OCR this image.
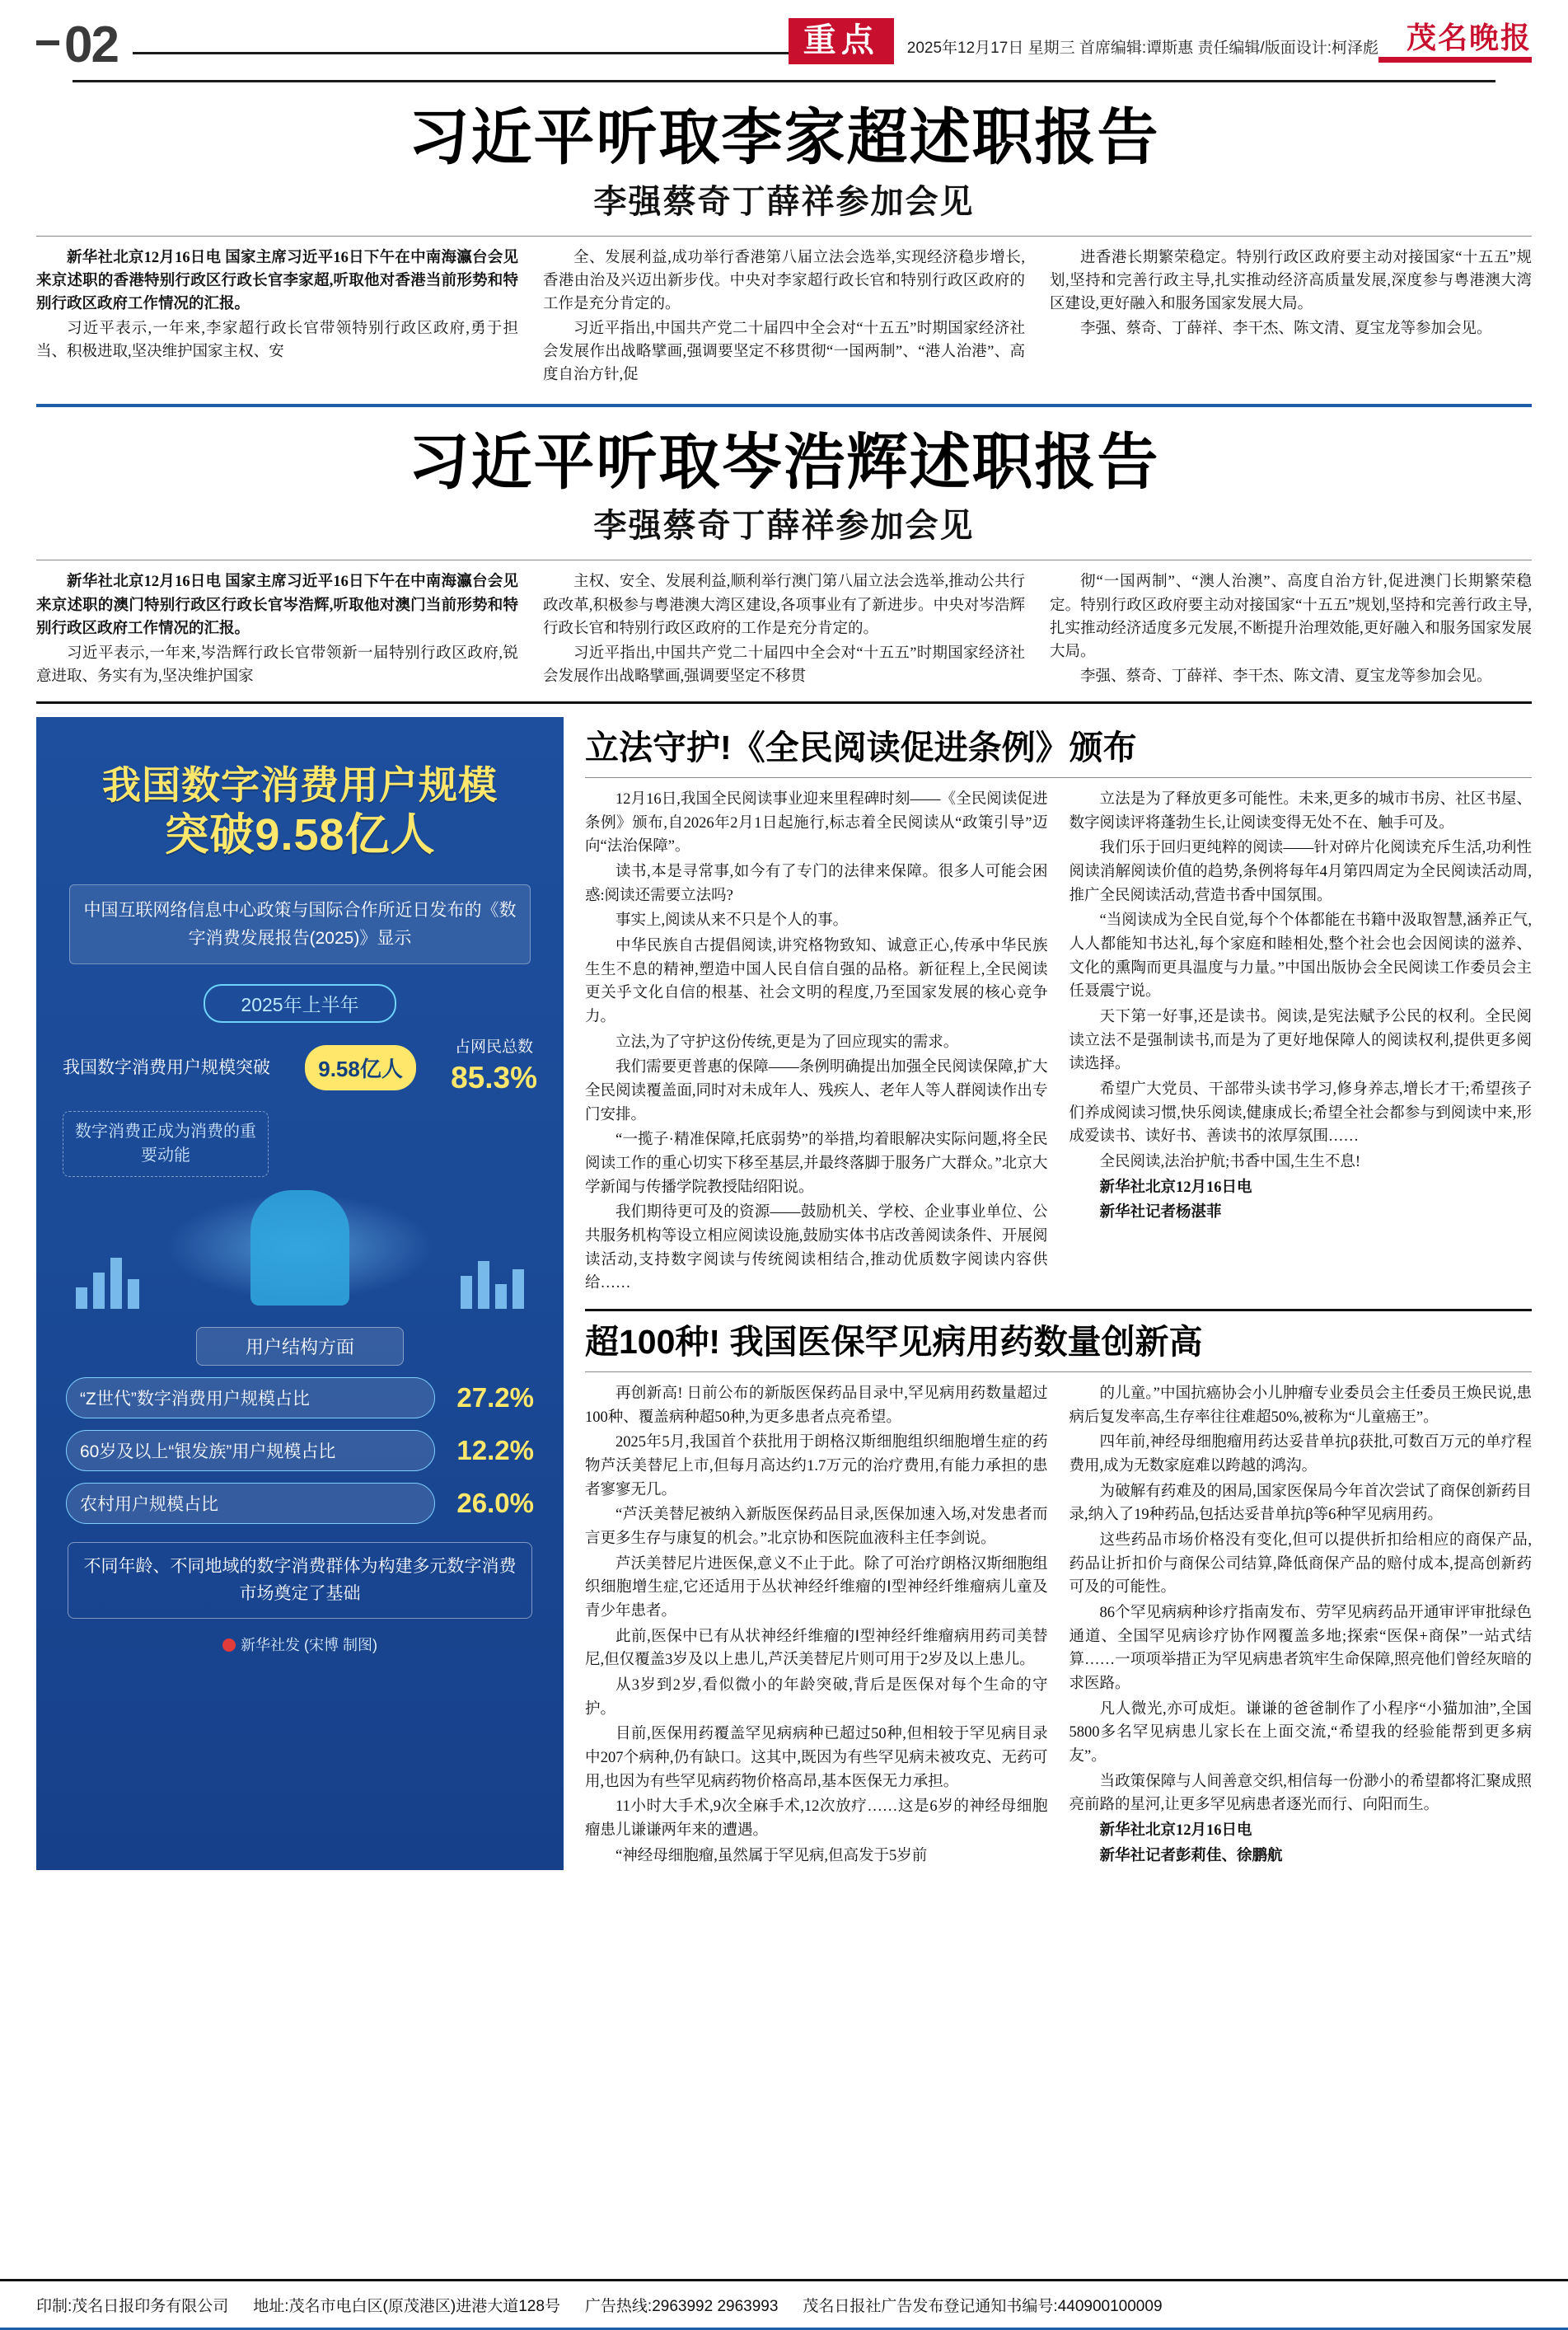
02	重点	2025年12月17日 星期三 首席编辑:谭斯惠 责任编辑/版面设计:柯泽彪 茂名晚报
习近平听取李家超述职报告
李强蔡奇丁薛祥参加会见

新华社北京12月16日电 国家主席习近平16日下午在中南海瀛台会见来京述职的香港特别行政区行政长官李家超,听取他对香港当前形势和特别行政区政府工作情况的汇报。

习近平表示,一年来,李家超行政长官带领特别行政区政府,勇于担当、积极进取,坚决维护国家主权、安

全、发展利益,成功举行香港第八届立法会选举,实现经济稳步增长,香港由治及兴迈出新步伐。中央对李家超行政长官和特别行政区政府的工作是充分肯定的。

习近平指出,中国共产党二十届四中全会对“十五五”时期国家经济社会发展作出战略擘画,强调要坚定不移贯彻“一国两制”、“港人治港”、高度自治方针,促

进香港长期繁荣稳定。特别行政区政府要主动对接国家“十五五”规划,坚持和完善行政主导,扎实推动经济高质量发展,深度参与粤港澳大湾区建设,更好融入和服务国家发展大局。

李强、蔡奇、丁薛祥、李干杰、陈文清、夏宝龙等参加会见。

习近平听取岑浩辉述职报告
李强蔡奇丁薛祥参加会见

新华社北京12月16日电 国家主席习近平16日下午在中南海瀛台会见来京述职的澳门特别行政区行政长官岑浩辉,听取他对澳门当前形势和特别行政区政府工作情况的汇报。

习近平表示,一年来,岑浩辉行政长官带领新一届特别行政区政府,锐意进取、务实有为,坚决维护国家

主权、安全、发展利益,顺利举行澳门第八届立法会选举,推动公共行政改革,积极参与粤港澳大湾区建设,各项事业有了新进步。中央对岑浩辉行政长官和特别行政区政府的工作是充分肯定的。

习近平指出,中国共产党二十届四中全会对“十五五”时期国家经济社会发展作出战略擘画,强调要坚定不移贯

彻“一国两制”、“澳人治澳”、高度自治方针,促进澳门长期繁荣稳定。特别行政区政府要主动对接国家“十五五”规划,坚持和完善行政主导,扎实推动经济适度多元发展,不断提升治理效能,更好融入和服务国家发展大局。

李强、蔡奇、丁薛祥、李干杰、陈文清、夏宝龙等参加会见。

我国数字消费用户规模
突破9.58亿人
中国互联网络信息中心政策与国际合作所近日发布的《数字消费发展报告(2025)》显示
2025年上半年
我国数字消费用户规模突破	9.58亿人
占网民总数
85.3%
数字消费正成为消费的重要动能
用户结构方面
“Z世代”数字消费用户规模占比	27.2%
60岁及以上“银发族”用户规模占比	12.2%
农村用户规模占比	26.0%
不同年龄、不同地域的数字消费群体为构建多元数字消费市场奠定了基础
新华社发 (宋博 制图)
立法守护!《全民阅读促进条例》颁布

12月16日,我国全民阅读事业迎来里程碑时刻——《全民阅读促进条例》颁布,自2026年2月1日起施行,标志着全民阅读从“政策引导”迈向“法治保障”。

读书,本是寻常事,如今有了专门的法律来保障。很多人可能会困惑:阅读还需要立法吗?

事实上,阅读从来不只是个人的事。

中华民族自古提倡阅读,讲究格物致知、诚意正心,传承中华民族生生不息的精神,塑造中国人民自信自强的品格。新征程上,全民阅读更关乎文化自信的根基、社会文明的程度,乃至国家发展的核心竞争力。

立法,为了守护这份传统,更是为了回应现实的需求。

我们需要更普惠的保障——条例明确提出加强全民阅读保障,扩大全民阅读覆盖面,同时对未成年人、残疾人、老年人等人群阅读作出专门安排。

“一揽子·精准保障,托底弱势”的举措,均着眼解决实际问题,将全民阅读工作的重心切实下移至基层,并最终落脚于服务广大群众。”北京大学新闻与传播学院教授陆绍阳说。

我们期待更可及的资源——鼓励机关、学校、企业事业单位、公共服务机构等设立相应阅读设施,鼓励实体书店改善阅读条件、开展阅读活动,支持数字阅读与传统阅读相结合,推动优质数字阅读内容供给……

立法是为了释放更多可能性。未来,更多的城市书房、社区书屋、数字阅读评将蓬勃生长,让阅读变得无处不在、触手可及。

我们乐于回归更纯粹的阅读——针对碎片化阅读充斥生活,功利性阅读消解阅读价值的趋势,条例将每年4月第四周定为全民阅读活动周,推广全民阅读活动,营造书香中国氛围。

“当阅读成为全民自觉,每个个体都能在书籍中汲取智慧,涵养正气,人人都能知书达礼,每个家庭和睦相处,整个社会也会因阅读的滋养、文化的熏陶而更具温度与力量。”中国出版协会全民阅读工作委员会主任聂震宁说。

天下第一好事,还是读书。阅读,是宪法赋予公民的权利。全民阅读立法不是强制读书,而是为了更好地保障人的阅读权利,提供更多阅读选择。

希望广大党员、干部带头读书学习,修身养志,增长才干;希望孩子们养成阅读习惯,快乐阅读,健康成长;希望全社会都参与到阅读中来,形成爱读书、读好书、善读书的浓厚氛围……

全民阅读,法治护航;书香中国,生生不息!

新华社北京12月16日电

新华社记者杨湛菲

超100种! 我国医保罕见病用药数量创新高

再创新高! 日前公布的新版医保药品目录中,罕见病用药数量超过100种、覆盖病种超50种,为更多患者点亮希望。

2025年5月,我国首个获批用于朗格汉斯细胞组织细胞增生症的药物芦沃美替尼上市,但每月高达约1.7万元的治疗费用,有能力承担的患者寥寥无几。

“芦沃美替尼被纳入新版医保药品目录,医保加速入场,对发患者而言更多生存与康复的机会。”北京协和医院血液科主任李剑说。

芦沃美替尼片进医保,意义不止于此。除了可治疗朗格汉斯细胞组织细胞增生症,它还适用于丛状神经纤维瘤的Ⅰ型神经纤维瘤病儿童及青少年患者。

此前,医保中已有从状神经纤维瘤的Ⅰ型神经纤维瘤病用药司美替尼,但仅覆盖3岁及以上患儿,芦沃美替尼片则可用于2岁及以上患儿。

从3岁到2岁,看似微小的年龄突破,背后是医保对每个生命的守护。

目前,医保用药覆盖罕见病病种已超过50种,但相较于罕见病目录中207个病种,仍有缺口。这其中,既因为有些罕见病未被攻克、无药可用,也因为有些罕见病药物价格高昂,基本医保无力承担。

11小时大手术,9次全麻手术,12次放疗……这是6岁的神经母细胞瘤患儿谦谦两年来的遭遇。

“神经母细胞瘤,虽然属于罕见病,但高发于5岁前

的儿童。”中国抗癌协会小儿肿瘤专业委员会主任委员王焕民说,患病后复发率高,生存率往往难超50%,被称为“儿童癌王”。

四年前,神经母细胞瘤用药达妥昔单抗β获批,可数百万元的单疗程费用,成为无数家庭难以跨越的鸿沟。

为破解有药难及的困局,国家医保局今年首次尝试了商保创新药目录,纳入了19种药品,包括达妥昔单抗β等6种罕见病用药。

这些药品市场价格没有变化,但可以提供折扣给相应的商保产品,药品让折扣价与商保公司结算,降低商保产品的赔付成本,提高创新药可及的可能性。

86个罕见病病种诊疗指南发布、劳罕见病药品开通审评审批绿色通道、全国罕见病诊疗协作网覆盖多地;探索“医保+商保”一站式结算……一项项举措正为罕见病患者筑牢生命保障,照亮他们曾经灰暗的求医路。

凡人微光,亦可成炬。谦谦的爸爸制作了小程序“小猫加油”,全国5800多名罕见病患儿家长在上面交流,“希望我的经验能帮到更多病友”。

当政策保障与人间善意交织,相信每一份渺小的希望都将汇聚成照亮前路的星河,让更多罕见病患者逐光而行、向阳而生。

新华社北京12月16日电

新华社记者彭莉佳、徐鹏航

印制:茂名日报印务有限公司 地址:茂名市电白区(原茂港区)进港大道128号 广告热线:2963992 2963993 茂名日报社广告发布登记通知书编号:440900100009
